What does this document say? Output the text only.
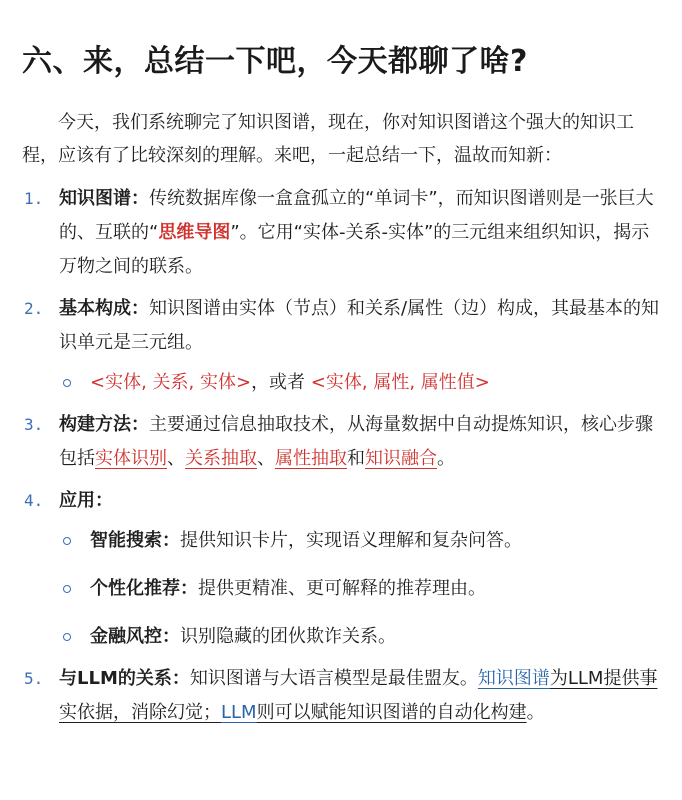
六、来，总结一下吧，今天都聊了啥?

今天，我们系统聊完了知识图谱，现在，你对知识图谱这个强大的知识工程，应该有了比较深刻的理解。来吧，一起总结一下，温故而知新：

1. 知识图谱：传统数据库像一盒盒孤立的“单词卡”，而知识图谱则是一张巨大的、互联的“思维导图”。它用“实体-关系-实体”的三元组来组织知识，揭示万物之间的联系。
2. 基本构成：知识图谱由实体（节点）和关系/属性（边）构成，其最基本的知识单元是三元组。
<实体, 关系, 实体>，或者 <实体, 属性, 属性值>
3. 构建方法：主要通过信息抽取技术，从海量数据中自动提炼知识，核心步骤包括实体识别、关系抽取、属性抽取和知识融合。
4. 应用：
智能搜索：提供知识卡片，实现语义理解和复杂问答。
个性化推荐：提供更精准、更可解释的推荐理由。
金融风控：识别隐藏的团伙欺诈关系。
5. 与LLM的关系：知识图谱与大语言模型是最佳盟友。知识图谱为LLM提供事实依据，消除幻觉；LLM则可以赋能知识图谱的自动化构建。
